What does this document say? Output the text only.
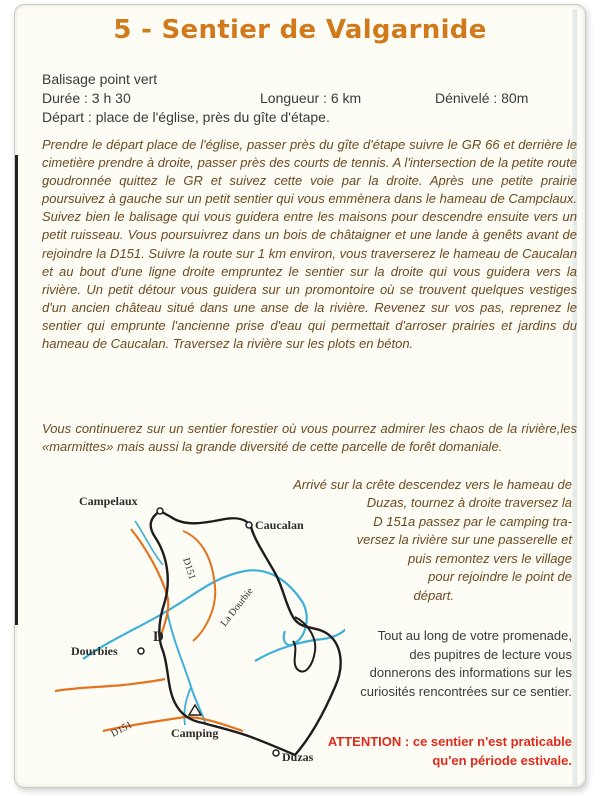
5 - Sentier de Valgarnide
Balisage point vert
Durée : 3 h 30	Longueur : 6 km	Dénivelé : 80m
Départ : place de l'église, près du gîte d'étape.

Prendre le départ place de l'église, passer près du gîte d'étape suivre le GR 66 et derrière le cimetière prendre à droite, passer près des courts de tennis. A l'intersection de la petite route goudronnée quittez le GR et suivez cette voie par la droite. Après une petite prairie poursuivez à gauche sur un petit sentier qui vous emmènera dans le hameau de Campclaux. Suivez bien le balisage qui vous guidera entre les maisons pour descendre ensuite vers un petit ruisseau. Vous poursuivrez dans un bois de châtaigner et une lande à genêts avant de rejoindre la D151. Suivre la route sur 1 km environ, vous traverserez le hameau de Caucalan et au bout d'une ligne droite empruntez le sentier sur la droite qui vous guidera vers la rivière. Un petit détour vous guidera sur un promontoire où se trouvent quelques vestiges d'un ancien château situé dans une anse de la rivière. Revenez sur vos pas, reprenez le sentier qui emprunte l'ancienne prise d'eau qui permettait d'arroser prairies et jardins du hameau de Caucalan. Traversez la rivière sur les plots en béton.

Vous continuerez sur un sentier forestier où vous pourrez admirer les chaos de la rivière,les «marmittes» mais aussi la grande diversité de cette parcelle de forêt domaniale.

Arrivé sur la crête descendez vers le hameau de
Duzas, tournez à droite traversez la
D 151a passez par le camping tra-
versez la rivière sur une passerelle et
puis remontez vers le village
pour rejoindre le point de
départ.
Tout au long de votre promenade, des pupitres de lecture vous donnerons des informations sur les curiosités rencontrées sur ce sentier.
ATTENTION : ce sentier n'est praticable qu'en période estivale.
Campelaux
Caucalan
Dourbies
Duzas
Camping
D
D151
D151
La Dourbie
